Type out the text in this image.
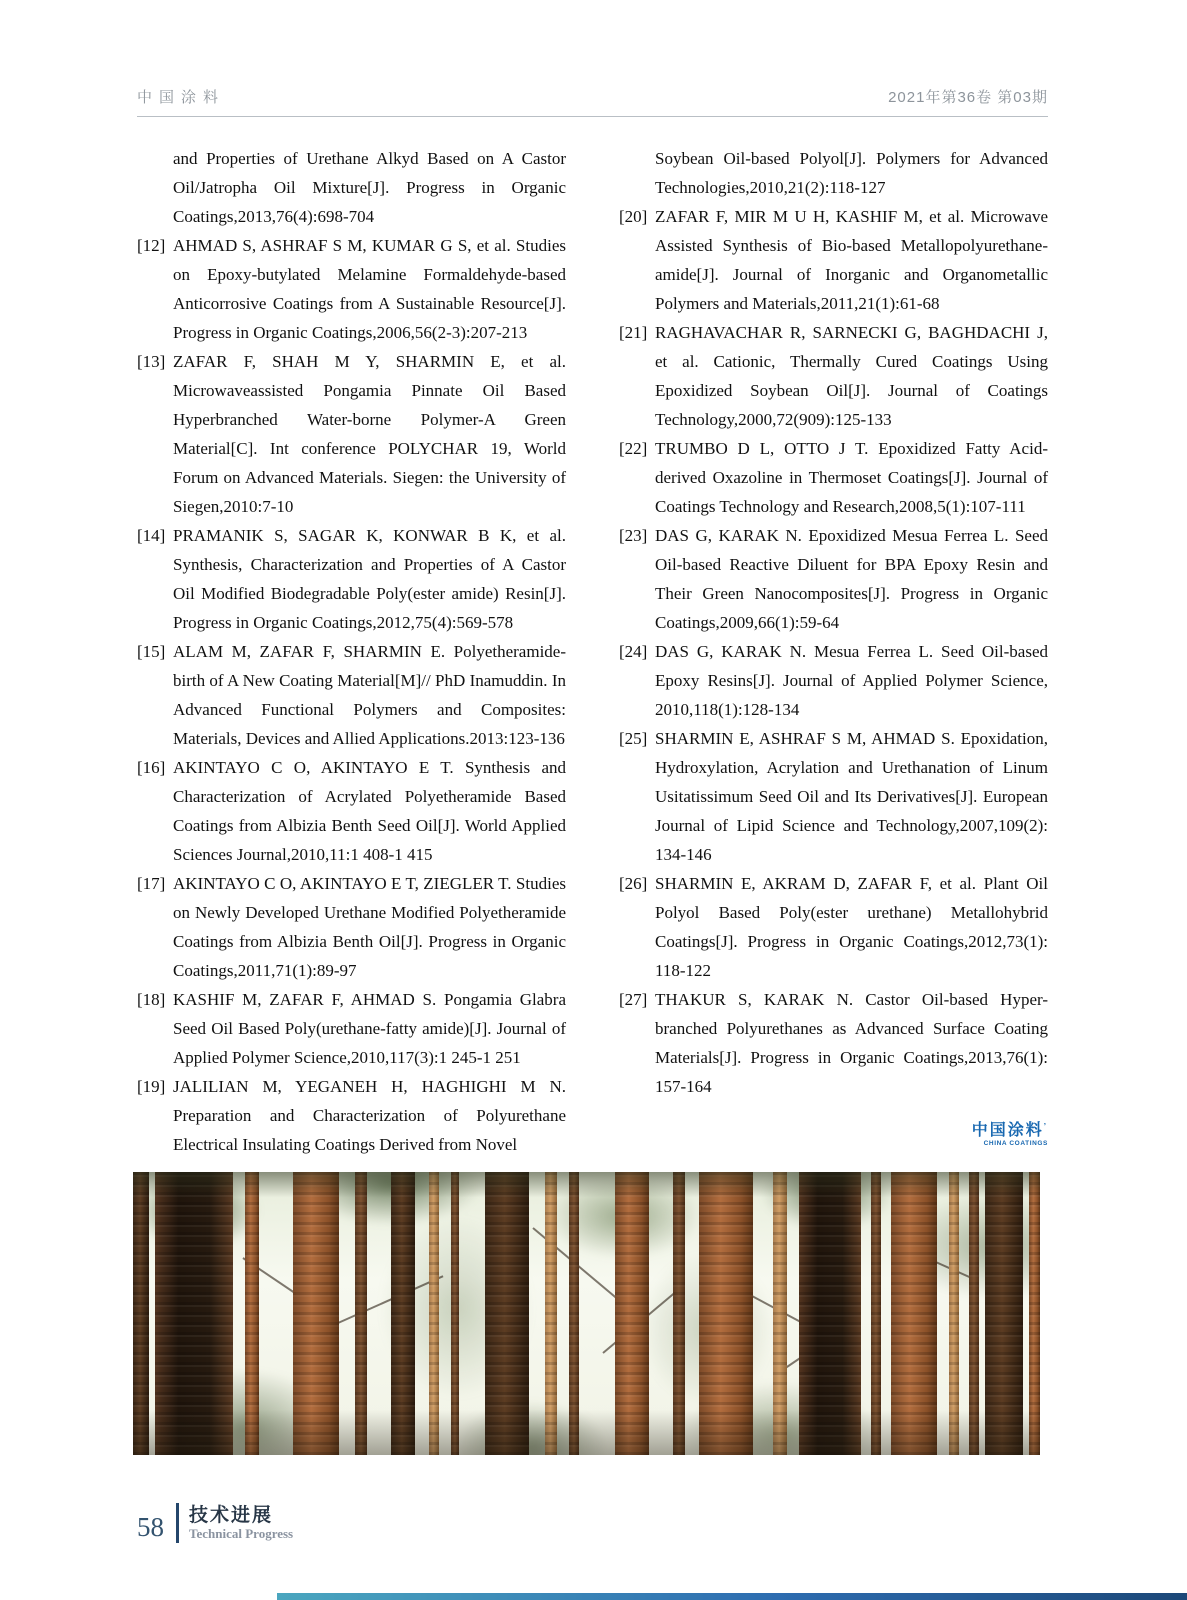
中国涂料	2021年第36卷 第03期
and Properties of Urethane Alkyd Based on A Castor Oil/Jatropha Oil Mixture[J]. Progress in Organic Coatings,2013,76(4):698-704
[12] AHMAD S, ASHRAF S M, KUMAR G S, et al. Studies on Epoxy-butylated Melamine Formaldehyde-based Anticorrosive Coatings from A Sustainable Resource[J]. Progress in Organic Coatings,2006,56(2-3):207-213
[13] ZAFAR F, SHAH M Y, SHARMIN E, et al. Microwaveassisted Pongamia Pinnate Oil Based Hyperbranched Water-borne Polymer-A Green Material[C]. Int conference POLYCHAR 19, World Forum on Advanced Materials. Siegen: the University of Siegen,2010:7-10
[14] PRAMANIK S, SAGAR K, KONWAR B K, et al. Synthesis, Characterization and Properties of A Castor Oil Modified Biodegradable Poly(ester amide) Resin[J]. Progress in Organic Coatings,2012,75(4):569-578
[15] ALAM M, ZAFAR F, SHARMIN E. Polyetheramide-birth of A New Coating Material[M]// PhD Inamuddin. In Advanced Functional Polymers and Composites: Materials, Devices and Allied Applications.2013:123-136
[16] AKINTAYO C O, AKINTAYO E T. Synthesis and Characterization of Acrylated Polyetheramide Based Coatings from Albizia Benth Seed Oil[J]. World Applied Sciences Journal,2010,11:1 408-1 415
[17] AKINTAYO C O, AKINTAYO E T, ZIEGLER T. Studies on Newly Developed Urethane Modified Polyetheramide Coatings from Albizia Benth Oil[J]. Progress in Organic Coatings,2011,71(1):89-97
[18] KASHIF M, ZAFAR F, AHMAD S. Pongamia Glabra Seed Oil Based Poly(urethane-fatty amide)[J]. Journal of Applied Polymer Science,2010,117(3):1 245-1 251
[19] JALILIAN M, YEGANEH H, HAGHIGHI M N. Preparation and Characterization of Polyurethane Electrical Insulating Coatings Derived from Novel
Soybean Oil-based Polyol[J]. Polymers for Advanced Technologies,2010,21(2):118-127
[20] ZAFAR F, MIR M U H, KASHIF M, et al. Microwave Assisted Synthesis of Bio-based Metallopolyurethane-amide[J]. Journal of Inorganic and Organometallic Polymers and Materials,2011,21(1):61-68
[21] RAGHAVACHAR R, SARNECKI G, BAGHDACHI J, et al. Cationic, Thermally Cured Coatings Using Epoxidized Soybean Oil[J]. Journal of Coatings Technology,2000,72(909):125-133
[22] TRUMBO D L, OTTO J T. Epoxidized Fatty Acid-derived Oxazoline in Thermoset Coatings[J]. Journal of Coatings Technology and Research,2008,5(1):107-111
[23] DAS G, KARAK N. Epoxidized Mesua Ferrea L. Seed Oil-based Reactive Diluent for BPA Epoxy Resin and Their Green Nanocomposites[J]. Progress in Organic Coatings,2009,66(1):59-64
[24] DAS G, KARAK N. Mesua Ferrea L. Seed Oil-based Epoxy Resins[J]. Journal of Applied Polymer Science, 2010,118(1):128-134
[25] SHARMIN E, ASHRAF S M, AHMAD S. Epoxidation, Hydroxylation, Acrylation and Urethanation of Linum Usitatissimum Seed Oil and Its Derivatives[J]. European Journal of Lipid Science and Technology,2007,109(2): 134-146
[26] SHARMIN E, AKRAM D, ZAFAR F, et al. Plant Oil Polyol Based Poly(ester urethane) Metallohybrid Coatings[J]. Progress in Organic Coatings,2012,73(1): 118-122
[27] THAKUR S, KARAK N. Castor Oil-based Hyper-branched Polyurethanes as Advanced Surface Coating Materials[J]. Progress in Organic Coatings,2013,76(1): 157-164
中国涂料’
CHINA COATINGS
58 技术进展
Technical Progress
